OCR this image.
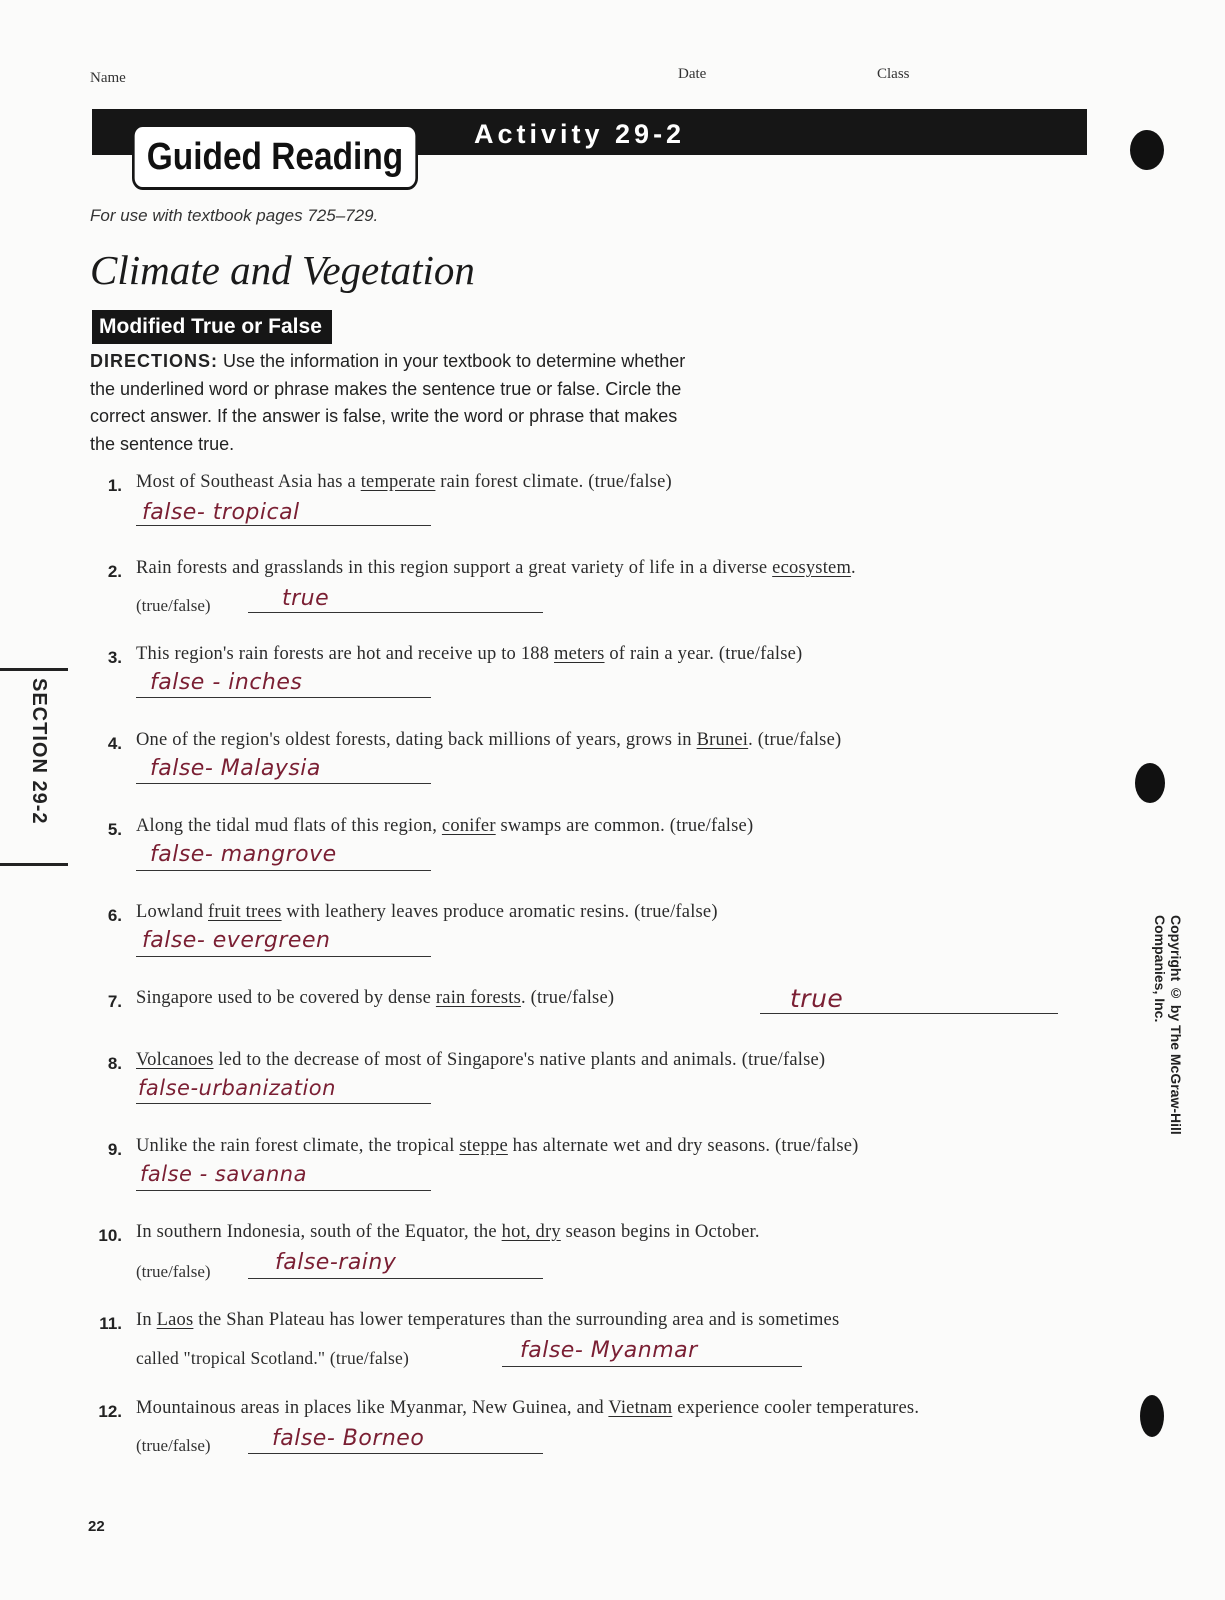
Name	Date	Class
Activity 29-2
Guided Reading
For use with textbook pages 725–729.
Climate and Vegetation
Modified True or False
DIRECTIONS: Use the information in your textbook to determine whether
the underlined word or phrase makes the sentence true or false. Circle the
correct answer. If the answer is false, write the word or phrase that makes
the sentence true.
1. Most of Southeast Asia has a temperate rain forest climate. (true/false)
false- tropical
2. Rain forests and grasslands in this region support a great variety of life in a diverse ecosystem.
(true/false)	true
3. This region's rain forests are hot and receive up to 188 meters of rain a year. (true/false)
false - inches
4. One of the region's oldest forests, dating back millions of years, grows in Brunei. (true/false)
false- Malaysia
5. Along the tidal mud flats of this region, conifer swamps are common. (true/false)
false- mangrove
6. Lowland fruit trees with leathery leaves produce aromatic resins. (true/false)
false- evergreen
7. Singapore used to be covered by dense rain forests. (true/false)	true
8. Volcanoes led to the decrease of most of Singapore's native plants and animals. (true/false)
false-urbanization
9. Unlike the rain forest climate, the tropical steppe has alternate wet and dry seasons. (true/false)
false - savanna
10. In southern Indonesia, south of the Equator, the hot, dry season begins in October.
(true/false)	false-rainy
11. In Laos the Shan Plateau has lower temperatures than the surrounding area and is sometimes
called "tropical Scotland." (true/false)	false- Myanmar
12. Mountainous areas in places like Myanmar, New Guinea, and Vietnam experience cooler temperatures.
(true/false)	false- Borneo
SECTION 29-2
Copyright © by The McGraw-Hill Companies, Inc.
22
